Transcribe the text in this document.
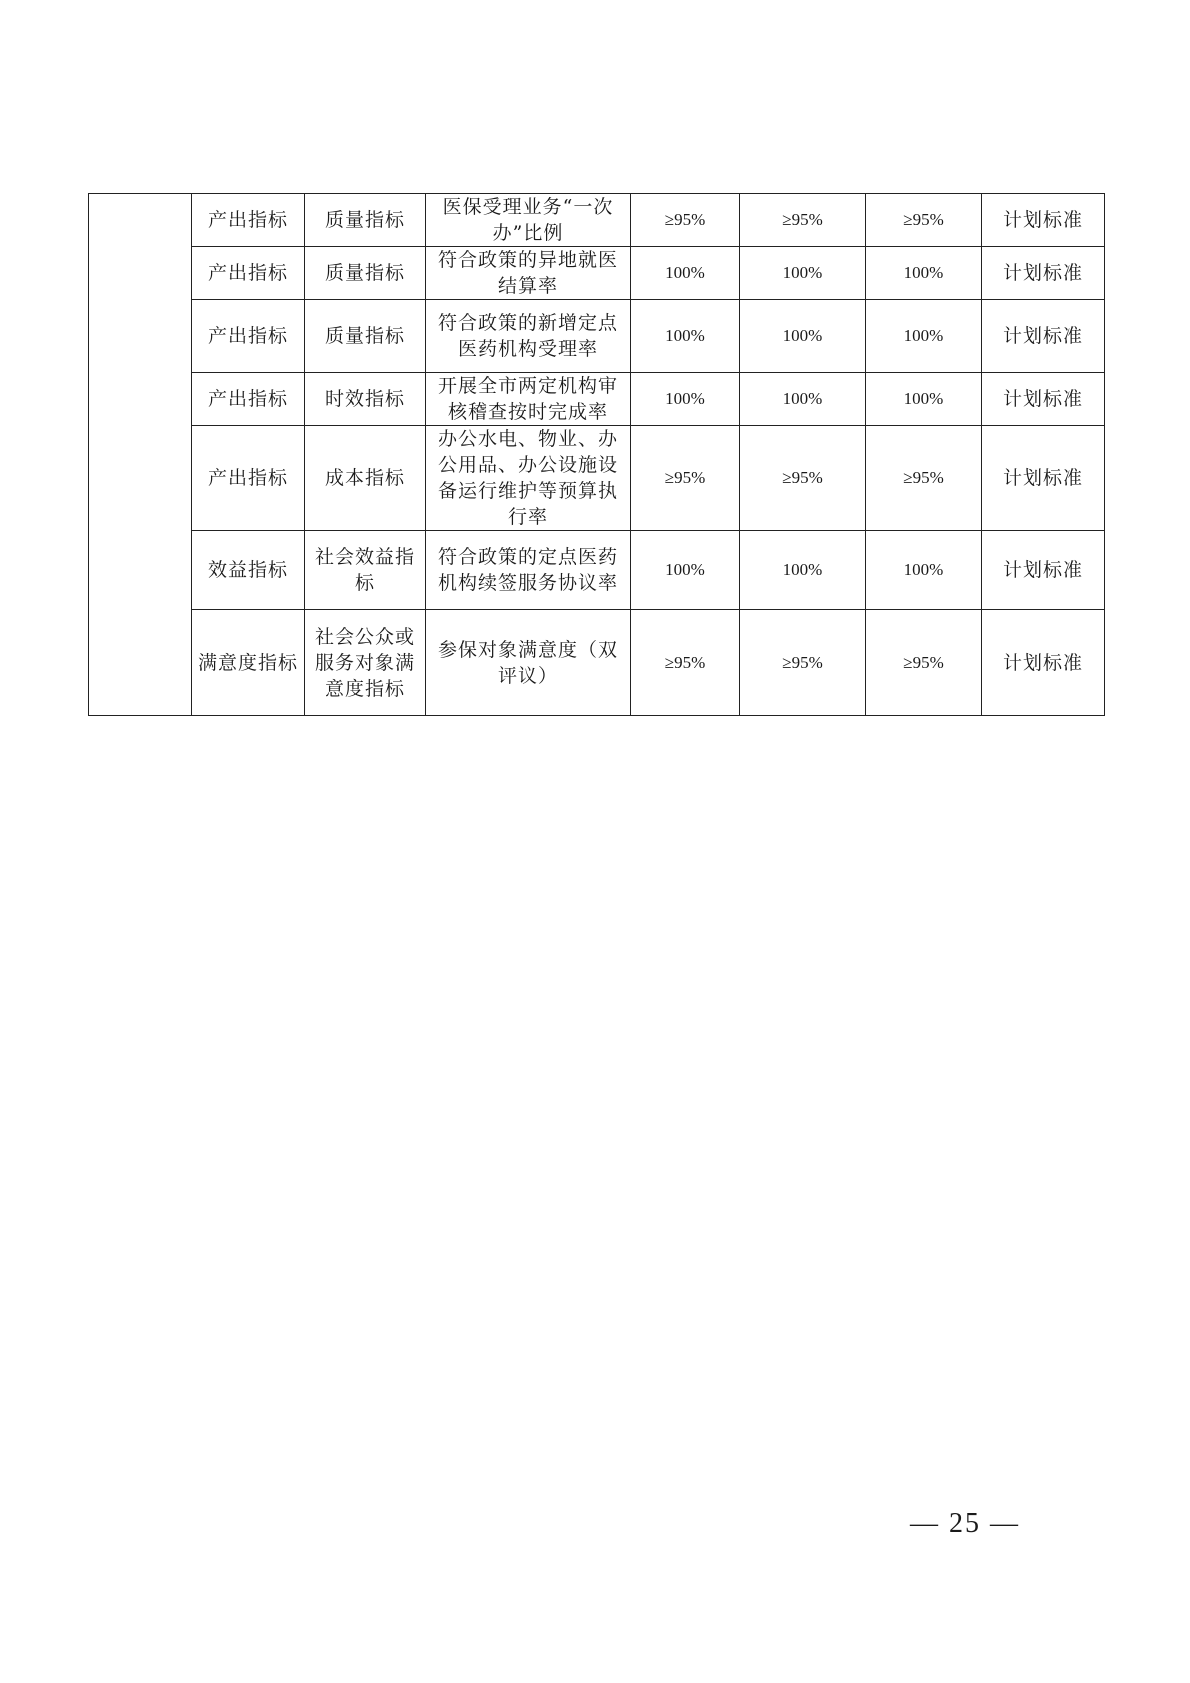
	产出指标	质量指标	医保受理业务“一次办”比例	≥95%	≥95%	≥95%	计划标准
	产出指标	质量指标	符合政策的异地就医结算率	100%	100%	100%	计划标准
	产出指标	质量指标	符合政策的新增定点医药机构受理率	100%	100%	100%	计划标准
	产出指标	时效指标	开展全市两定机构审核稽查按时完成率	100%	100%	100%	计划标准
	产出指标	成本指标	办公水电、物业、办公用品、办公设施设备运行维护等预算执行率	≥95%	≥95%	≥95%	计划标准
	效益指标	社会效益指标	符合政策的定点医药机构续签服务协议率	100%	100%	100%	计划标准
	满意度指标	社会公众或服务对象满意度指标	参保对象满意度（双评议）	≥95%	≥95%	≥95%	计划标准
— 25 —
